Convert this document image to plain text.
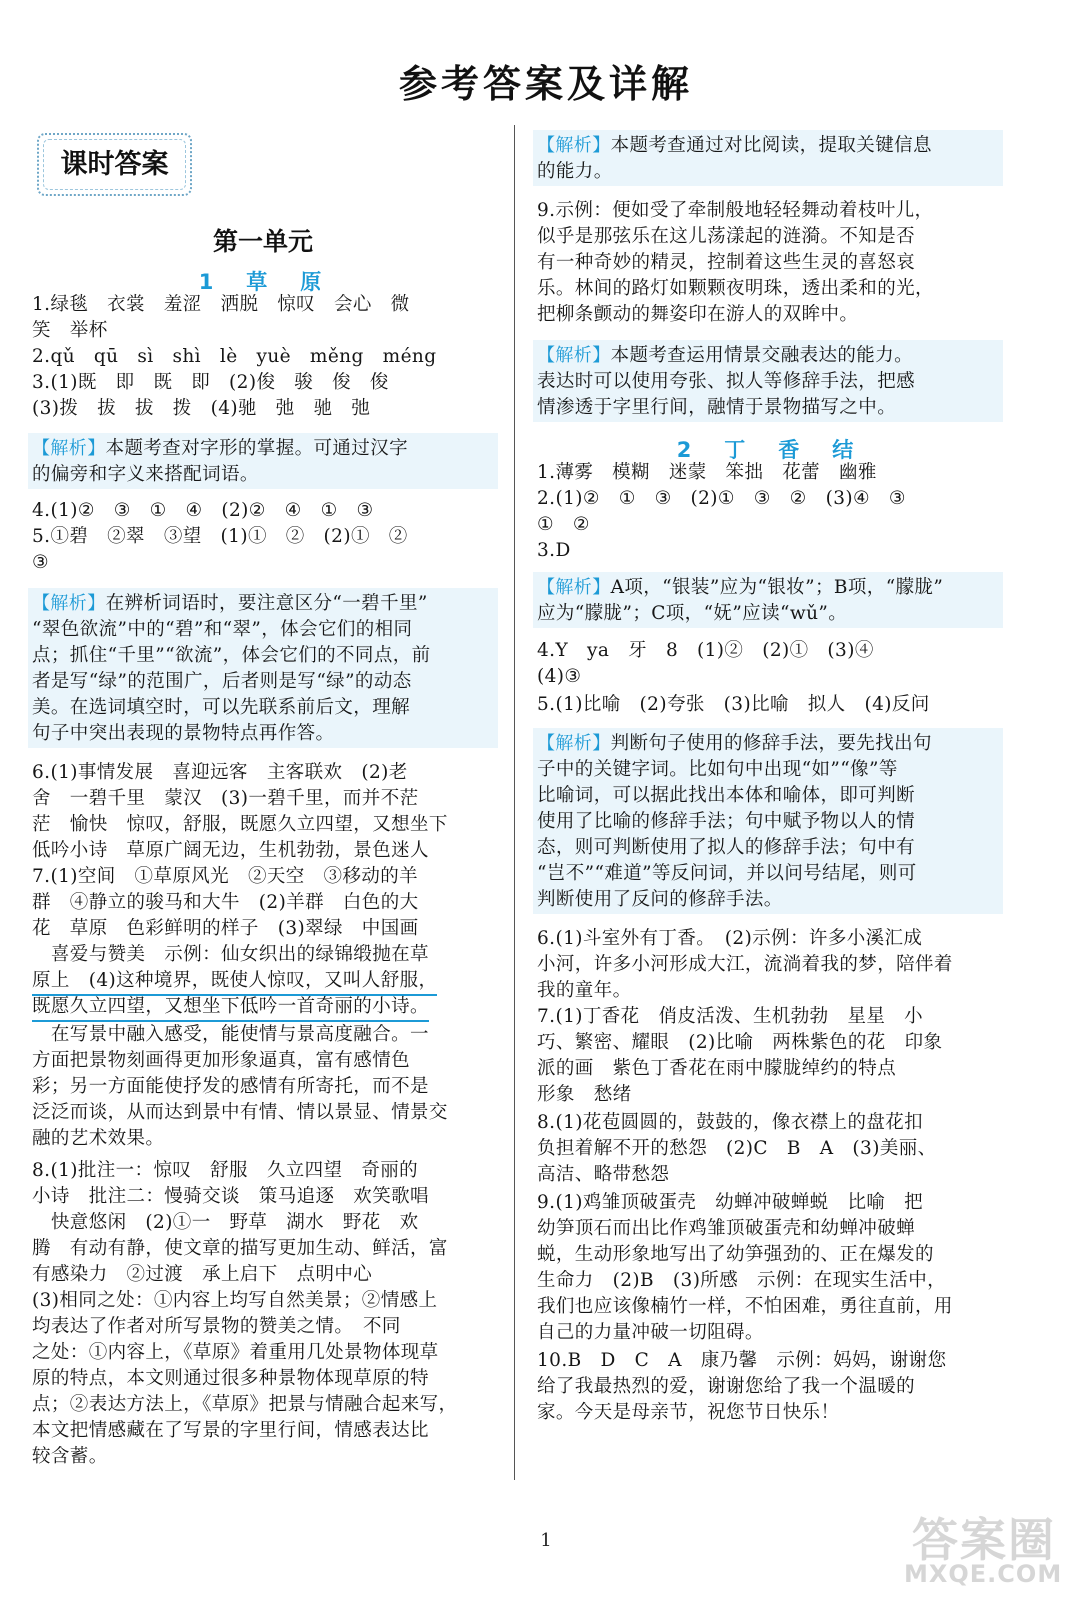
参考答案及详解
课时答案
第一单元
1　草　原
1.绿毯　衣裳　羞涩　洒脱　惊叹　会心　微
笑　举杯
2.qǔ　qū　sì　shì　lè　yuè　měng　méng
3.(1)既　即　既　即　(2)俊　骏　俊　俊
(3)拨　拔　拔　拨　(4)驰　弛　驰　弛
【解析】本题考查对字形的掌握。可通过汉字
的偏旁和字义来搭配词语。
4.(1)②　③　①　④　(2)②　④　①　③
5.①碧　②翠　③望　(1)①　②　(2)①　②
③
【解析】在辨析词语时，要注意区分“一碧千里”
“翠色欲流”中的“碧”和“翠”，体会它们的相同
点；抓住“千里”“欲流”，体会它们的不同点，前
者是写“绿”的范围广，后者则是写“绿”的动态
美。在选词填空时，可以先联系前后文，理解
句子中突出表现的景物特点再作答。
6.(1)事情发展　喜迎远客　主客联欢　(2)老
舍　一碧千里　蒙汉　(3)一碧千里，而并不茫
茫　愉快　惊叹，舒服，既愿久立四望，又想坐下
低吟小诗　草原广阔无边，生机勃勃，景色迷人
7.(1)空间　①草原风光　②天空　③移动的羊
群　④静立的骏马和大牛　(2)羊群　白色的大
花　草原　色彩鲜明的样子　(3)翠绿　中国画
　喜爱与赞美　示例：仙女织出的绿锦缎抛在草
原上　(4)这种境界，既使人惊叹，又叫人舒服，
既愿久立四望，又想坐下低吟一首奇丽的小诗。
　在写景中融入感受，能使情与景高度融合。一
方面把景物刻画得更加形象逼真，富有感情色
彩；另一方面能使抒发的感情有所寄托，而不是
泛泛而谈，从而达到景中有情、情以景显、情景交
融的艺术效果。
8.(1)批注一：惊叹　舒服　久立四望　奇丽的
小诗　批注二：慢骑交谈　策马追逐　欢笑歌唱
　快意悠闲　(2)①一　野草　湖水　野花　欢
腾　有动有静，使文章的描写更加生动、鲜活，富
有感染力　②过渡　承上启下　点明中心
(3)相同之处：①内容上均写自然美景；②情感上
均表达了作者对所写景物的赞美之情。　不同
之处：①内容上，《草原》着重用几处景物体现草
原的特点，本文则通过很多种景物体现草原的特
点；②表达方法上，《草原》把景与情融合起来写，
本文把情感藏在了写景的字里行间，情感表达比
较含蓄。
2　丁　香　结
【解析】本题考查通过对比阅读，提取关键信息
的能力。
9.示例：便如受了牵制般地轻轻舞动着枝叶儿，
似乎是那弦乐在这儿荡漾起的涟漪。不知是否
有一种奇妙的精灵，控制着这些生灵的喜怒哀
乐。林间的路灯如颗颗夜明珠，透出柔和的光，
把柳条颤动的舞姿印在游人的双眸中。
【解析】本题考查运用情景交融表达的能力。
表达时可以使用夸张、拟人等修辞手法，把感
情渗透于字里行间，融情于景物描写之中。
1.薄雾　模糊　迷蒙　笨拙　花蕾　幽雅
2.(1)②　①　③　(2)①　③　②　(3)④　③
①　②
3.D
【解析】A项，“银装”应为“银妆”；B项，“朦胧”
应为“朦胧”；C项，“妩”应读“wǔ”。
4.Y　ya　牙　8　(1)②　(2)①　(3)④
(4)③
5.(1)比喻　(2)夸张　(3)比喻　拟人　(4)反问
【解析】判断句子使用的修辞手法，要先找出句
子中的关键字词。比如句中出现“如”“像”等
比喻词，可以据此找出本体和喻体，即可判断
使用了比喻的修辞手法；句中赋予物以人的情
态，则可判断使用了拟人的修辞手法；句中有
“岂不”“难道”等反问词，并以问号结尾，则可
判断使用了反问的修辞手法。
6.(1)斗室外有丁香。　(2)示例：许多小溪汇成
小河，许多小河形成大江，流淌着我的梦，陪伴着
我的童年。
7.(1)丁香花　俏皮活泼、生机勃勃　星星　小
巧、繁密、耀眼　(2)比喻　两株紫色的花　印象
派的画　紫色丁香花在雨中朦胧绰约的特点
形象　愁绪
8.(1)花苞圆圆的，鼓鼓的，像衣襟上的盘花扣
负担着解不开的愁怨　(2)C　B　A　(3)美丽、
高洁、略带愁怨
9.(1)鸡雏顶破蛋壳　幼蝉冲破蝉蜕　比喻　把
幼笋顶石而出比作鸡雏顶破蛋壳和幼蝉冲破蝉
蜕，生动形象地写出了幼笋强劲的、正在爆发的
生命力　(2)B　(3)所感　示例：在现实生活中，
我们也应该像楠竹一样，不怕困难，勇往直前，用
自己的力量冲破一切阻碍。
10.B　D　C　A　康乃馨　示例：妈妈，谢谢您
给了我最热烈的爱，谢谢您给了我一个温暖的
家。今天是母亲节，祝您节日快乐！
1	答案圈
MXQE.COM
